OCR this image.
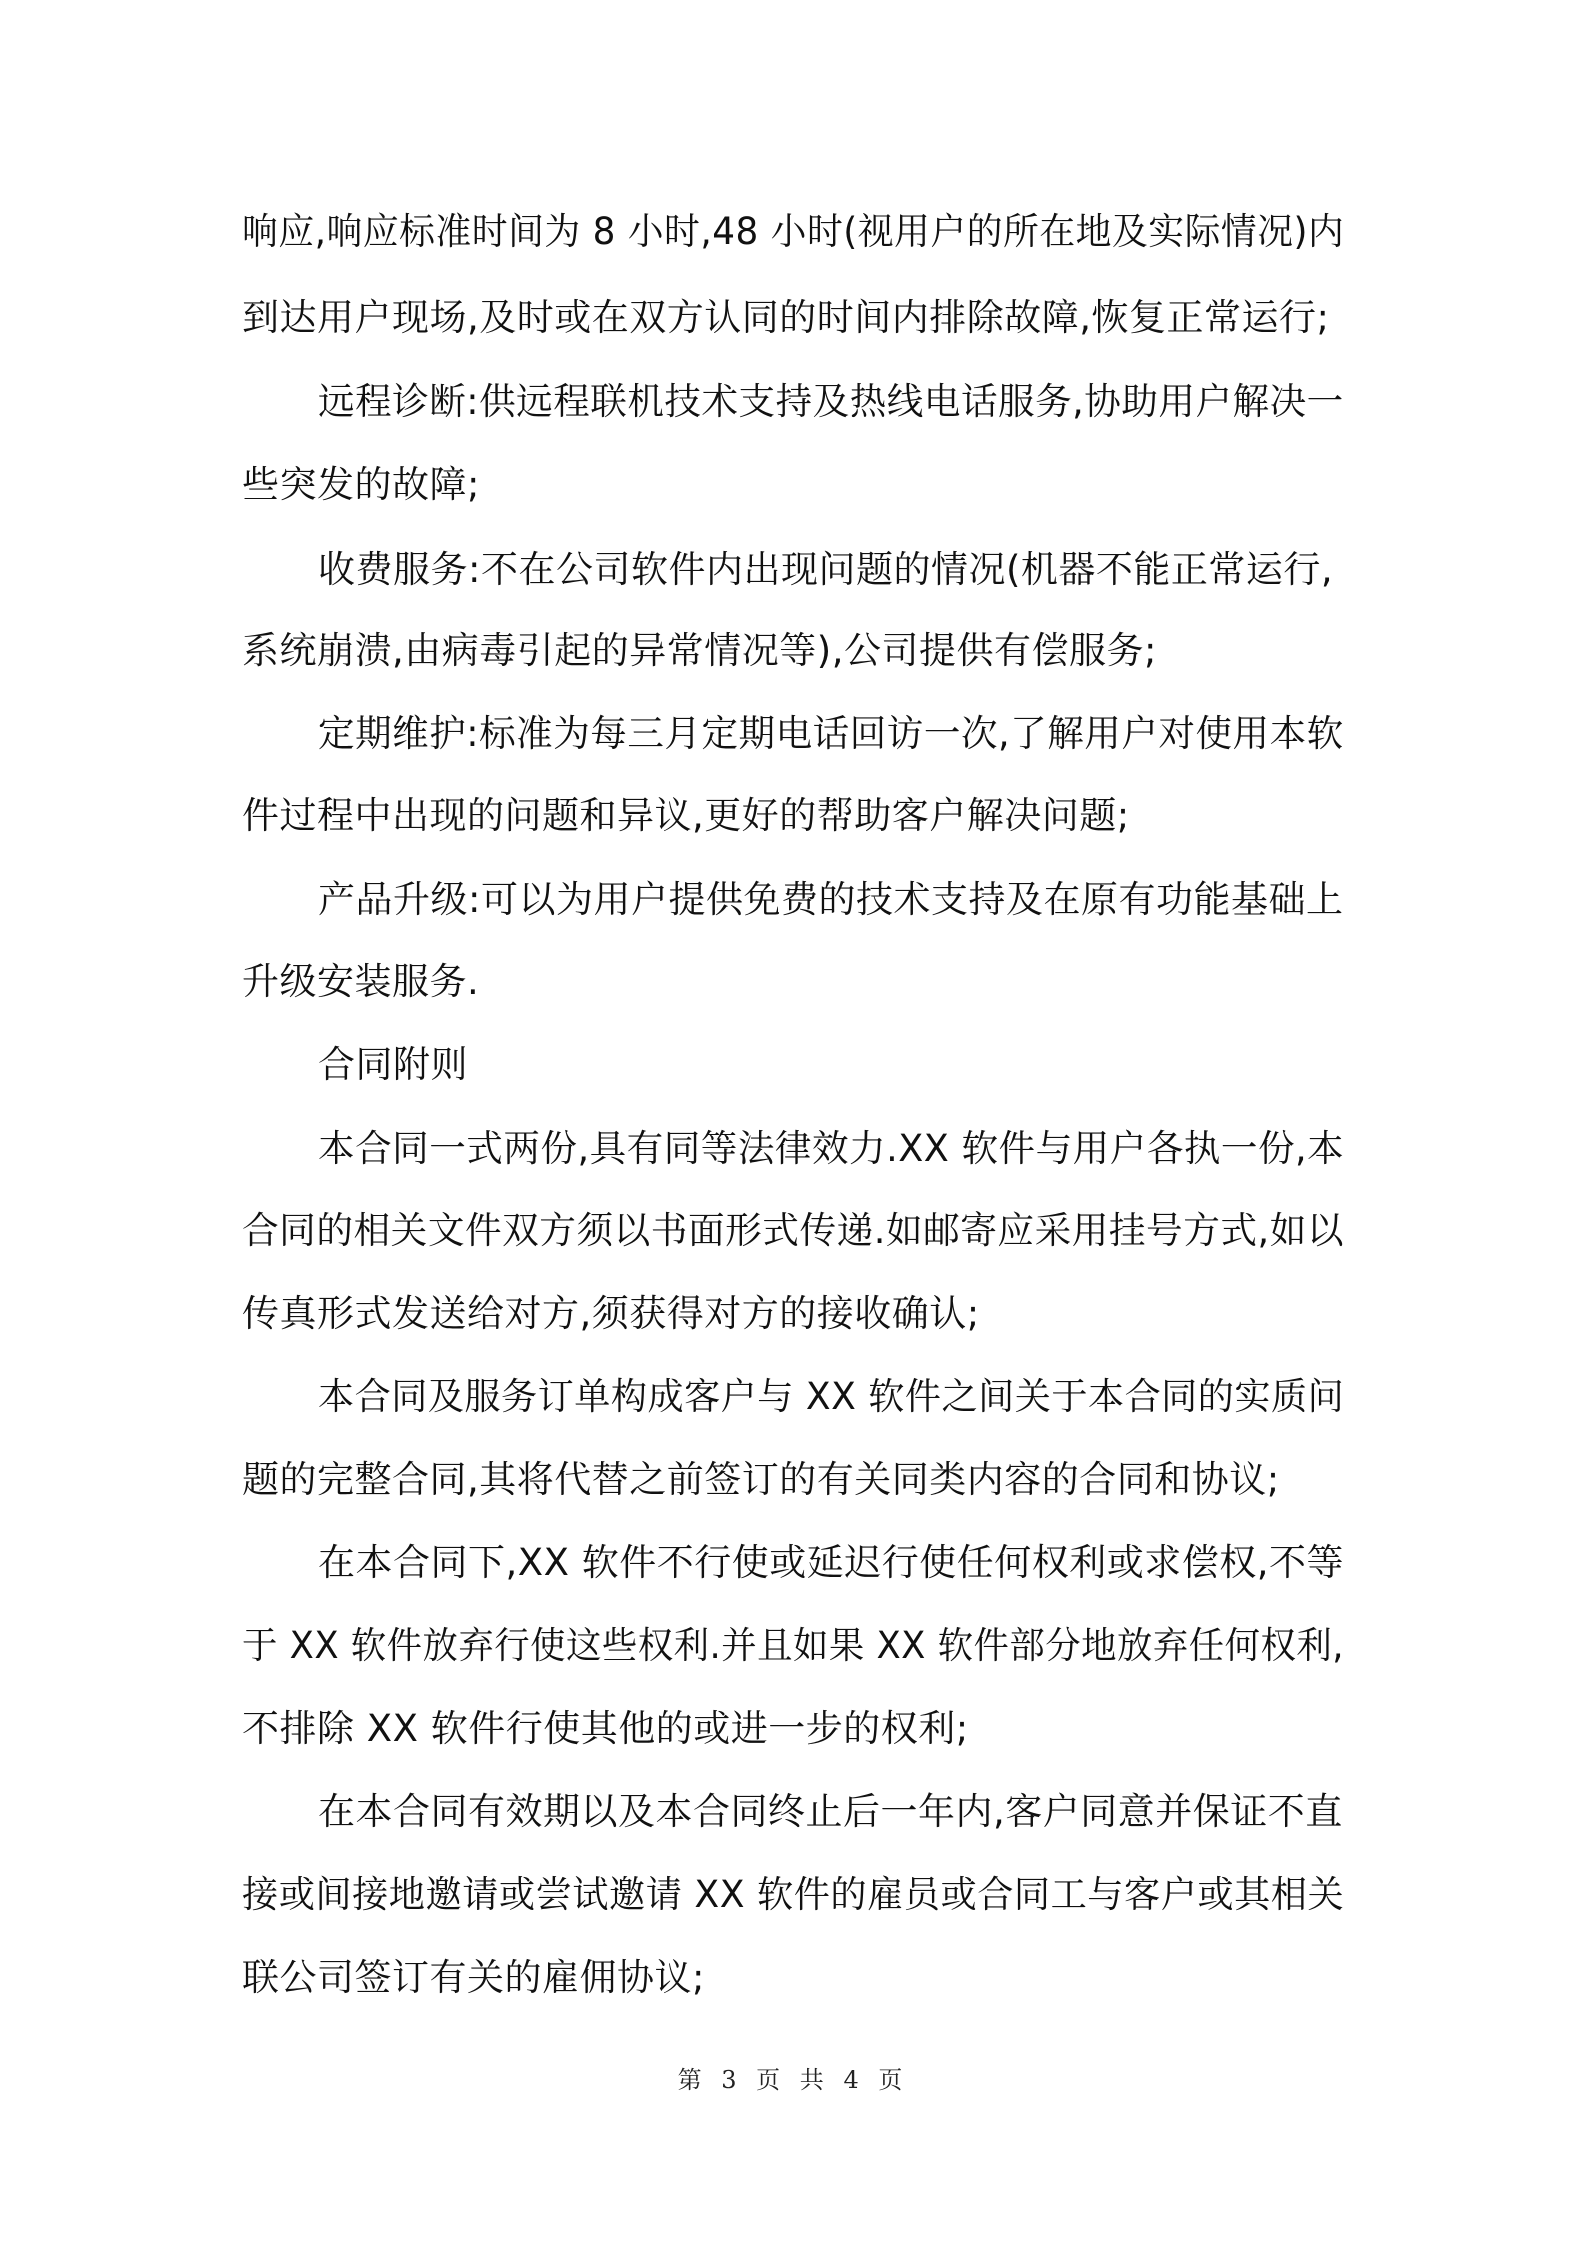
响应,响应标准时间为 8 小时,48 小时(视用户的所在地及实际情况)内
到达用户现场,及时或在双方认同的时间内排除故障,恢复正常运行;
远程诊断:供远程联机技术支持及热线电话服务,协助用户解决一
些突发的故障;
收费服务:不在公司软件内出现问题的情况(机器不能正常运行,
系统崩溃,由病毒引起的异常情况等),公司提供有偿服务;
定期维护:标准为每三月定期电话回访一次,了解用户对使用本软
件过程中出现的问题和异议,更好的帮助客户解决问题;
产品升级:可以为用户提供免费的技术支持及在原有功能基础上
升级安装服务.
合同附则
本合同一式两份,具有同等法律效力.XX 软件与用户各执一份,本
合同的相关文件双方须以书面形式传递.如邮寄应采用挂号方式,如以
传真形式发送给对方,须获得对方的接收确认;
本合同及服务订单构成客户与 XX 软件之间关于本合同的实质问
题的完整合同,其将代替之前签订的有关同类内容的合同和协议;
在本合同下,XX 软件不行使或延迟行使任何权利或求偿权,不等
于 XX 软件放弃行使这些权利.并且如果 XX 软件部分地放弃任何权利,
不排除 XX 软件行使其他的或进一步的权利;
在本合同有效期以及本合同终止后一年内,客户同意并保证不直
接或间接地邀请或尝试邀请 XX 软件的雇员或合同工与客户或其相关
联公司签订有关的雇佣协议;
第 3 页 共 4 页
